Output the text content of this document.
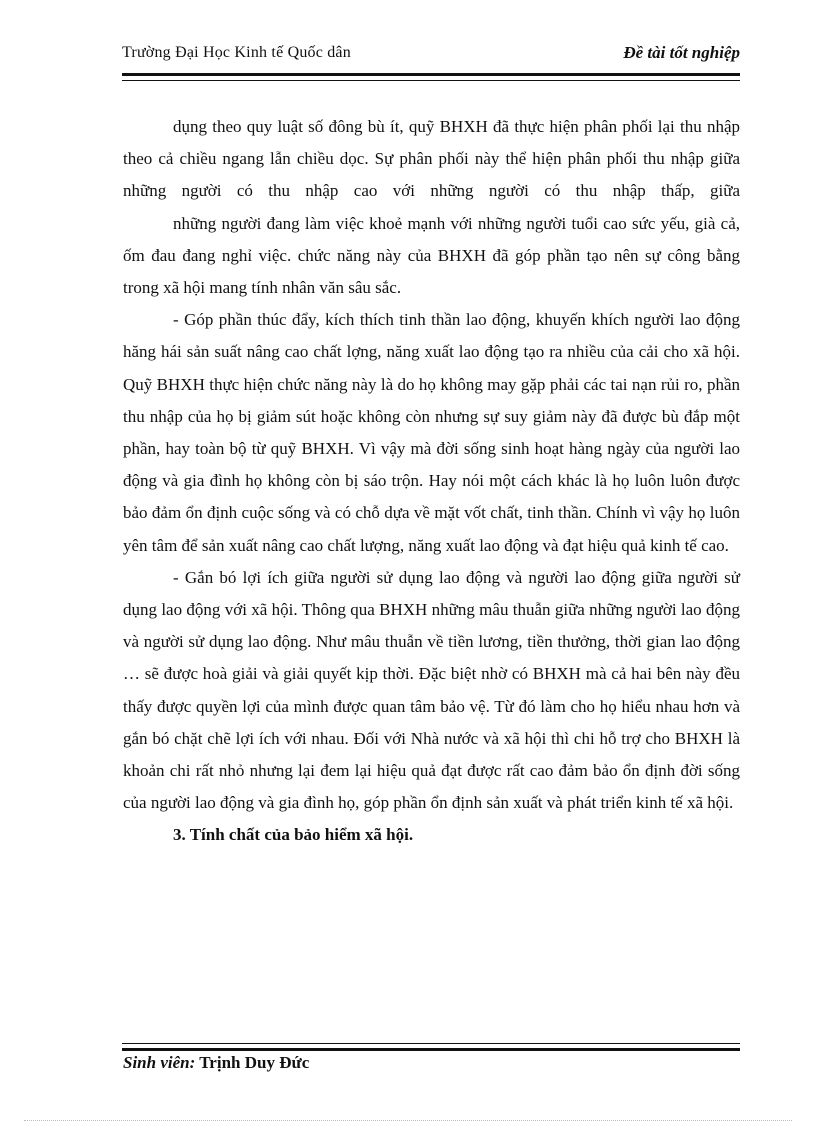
Trường Đại Học Kinh tế Quốc dân	Đề tài tốt nghiệp

dụng theo quy luật số đông bù ít, quỹ BHXH đã thực hiện phân phối lại thu nhập theo cả chiều ngang lẫn chiều dọc. Sự phân phối này thể hiện phân phối thu nhập giữa những người có thu nhập cao với những người có thu nhập thấp, giữa

những người đang làm việc khoẻ mạnh với những người tuổi cao sức yếu, già cả, ốm đau đang nghỉ việc. chức năng này của BHXH đã góp phần tạo nên sự công bằng trong xã hội mang tính nhân văn sâu sắc.

- Góp phần thúc đẩy, kích thích tinh thần lao động, khuyến khích người lao động hăng hái sản suất nâng cao chất lợng, năng xuất lao động tạo ra nhiều của cải cho xã hội. Quỹ BHXH thực hiện chức năng này là do họ không may gặp phải các tai nạn rủi ro, phần thu nhập của họ bị giảm sút hoặc không còn nhưng sự suy giảm này đã được bù đắp một phần, hay toàn bộ từ quỹ BHXH. Vì vậy mà đời sống sinh hoạt hàng ngày của người lao động và gia đình họ không còn bị sáo trộn. Hay nói một cách khác là họ luôn luôn được bảo đảm ổn định cuộc sống và có chỗ dựa về mặt vốt chất, tinh thần. Chính vì vậy họ luôn yên tâm để sản xuất nâng cao chất lượng, năng xuất lao động và đạt hiệu quả kinh tế cao.

- Gắn bó lợi ích giữa người sử dụng lao động và người lao động giữa người sử dụng lao động với xã hội. Thông qua BHXH những mâu thuẫn giữa những người lao động và người sử dụng lao động. Như mâu thuẫn về tiền lương, tiền thưởng, thời gian lao động … sẽ được hoà giải và giải quyết kịp thời. Đặc biệt nhờ có BHXH mà cả hai bên này đều thấy được quyền lợi của mình được quan tâm bảo vệ. Từ đó làm cho họ hiểu nhau hơn và gắn bó chặt chẽ lợi ích với nhau. Đối với Nhà nước và xã hội thì chi hỗ trợ cho BHXH là khoản chi rất nhỏ nhưng lại đem lại hiệu quả đạt được rất cao đảm bảo ổn định đời sống của người lao động và gia đình họ, góp phần ổn định sản xuất và phát triển kinh tế xã hội.

3. Tính chất của bảo hiểm xã hội.

Sinh viên: Trịnh Duy Đức
